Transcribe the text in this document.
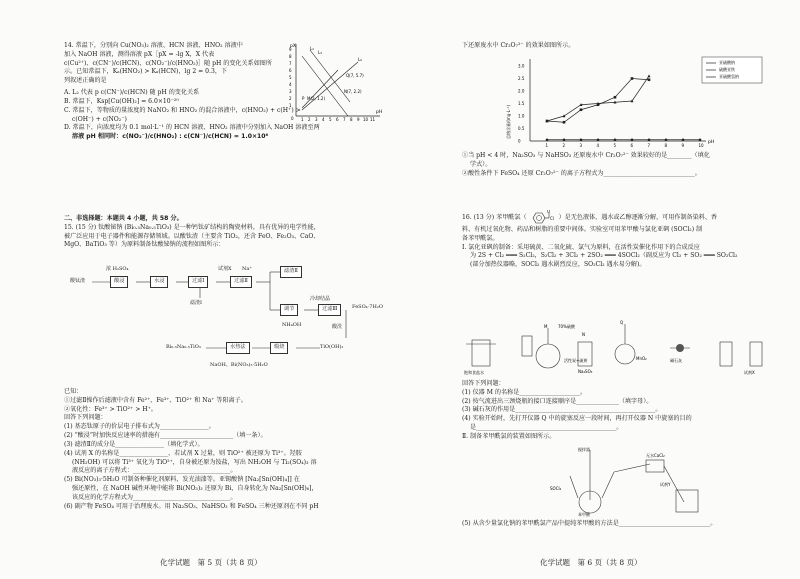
14. 常温下，分别向 Cu(NO₃)₂ 溶液、HCN 溶液、HNO₂ 溶液中
加入 NaOH 溶液，测得溶液 pX［pX = -lg X，X 代表
c(Cu²⁺)、c(CN⁻)/c(HCN)、c(NO₂⁻)/c(HNO₂)］随 pH 的变化关系如图所
示。已知常温下，Kₐ(HNO₂) > Kₐ(HCN)，lg 2 = 0.3，下
列叙述正确的是
A. L₂ 代表 p c(CN⁻)/c(HCN) 随 pH 的变化关系
B. 常温下，Ksp[Cu(OH)₂] = 6.0×10⁻²⁰
C. 常温下，等物质的量浓度的 NaNO₂ 和 HNO₂ 的混合溶液中，c(HNO₂) + c(H⁺) >
c(OH⁻) + c(NO₂⁻)
D. 常温下，向浓度均为 0.1 mol·L⁻¹ 的 HCN 溶液、HNO₂ 溶液中分别加入 NaOH 溶液至两
溶液 pH 相同时：c(NO₂⁻)/c(HNO₂) : c(CN⁻)/c(HCN) = 1.0×10⁶
9
8
7
6
5
4
3
2
1
0 1 2 3 4 5 6 7 8 9 10 11
pX
pH
L₁
L₂
L₃
Q(7, 5.7)
N(7, 2.2)
M(2, 1.2)
P
二、非选择题：本题共 4 小题，共 58 分。
15. (15 分) 钛酸铋钠 (Bi₀.₅Na₀.₅TiO₃) 是一种钙钛矿结构的陶瓷材料，具有优异的电学性能，
被广泛应用于电子器件和能源存储领域。以酸钛渣（主要含 TiO₂，还含 FeO、Fe₂O₃、CaO、
MgO、BaTiO₃ 等）为原料制备钛酸铋钠的流程如图所示：
酸钛渣
浓 H₂SO₄
酸浸	水浸	过滤Ⅰ
滤渣Ⅰ
试剂X Na⁺
过滤Ⅱ
滤渣Ⅱ
调节
冷却结晶
过滤Ⅲ	FeSO₄·7H₂O
NH₄OH	酸洗
TiO(OH)₂
煅烧
水热法
Bi₀.₅Na₀.₅TiO₃
NaOH、Bi(NO₃)₃·5H₂O
已知：
①过滤Ⅱ操作后滤液中含有 Fe²⁺、Fe³⁺、TiO²⁺ 和 Na⁺ 等阳离子。
②氧化性：Fe³⁺ > TiO²⁺ > H⁺。
回答下列问题：
(1) 基态钛原子的价层电子排布式为________________。
(2) “酸浸”时加快反应速率的措施有________________________（填一条）。
(3) 滤渣Ⅱ的成分是________________（填化学式）。
(4) 试剂 X 的名称是________________，若试剂 X 过量，则 TiO²⁺ 被还原为 Ti³⁺。羟胺
(NH₂OH) 可以将 Ti³⁺ 氧化为 TiO²⁺，自身被还原为铵盐，写出 NH₂OH 与 Ti₂(SO₄)₃ 溶
液反应的离子方程式：________________________________。
(5) Bi(NO₃)₃·5H₂O 可制备种催化剂原料，发光油漆等。亚锡酸钠 [Na₂[Sn(OH)₄]] 在
强还原性，在 NaOH 碱性环境中能将 Bi(NO₃)₃ 还原为 Bi，自身转化为 Na₂[Sn(OH)₆]，
该反应的化学方程式为________________________________。
(6) 副产物 FeSO₄ 可用于治理废水。用 Na₂SO₃、NaHSO₃ 和 FeSO₄ 三种还原剂在不同 pH
化学试题　第 5 页（共 8 页）
下还原废水中 Cr₂O₇²⁻ 的效果如图所示。
0
0.5
1.0
1.5
2.0
2.5
3.0
1	2	3	4	5	6	7	8	9	10
pH
总铬含量/(mg·L⁻¹)
亚硫酸钠
硫酸亚铁
亚硫酸氢钠
①当 pH < 4 时，Na₂SO₃ 与 NaHSO₃ 还原废水中 Cr₂O₇²⁻ 效果较好的是________（填化
学式）。
②酸性条件下 FeSO₄ 还原 Cr₂O₇²⁻ 的离子方程式为______________________________。
16. (13 分) 苯甲酰氯（
O
Cl ）是无色液体，遇水或乙醇逐渐分解，可用作制备染料、香
料、有机过氧化物、药品和树脂的重要中间体。实验室可用苯甲酸与氯化亚砜 (SOCl₂) 制
备苯甲酰氯。
Ⅰ. 氯化亚砜的制备：采用硫黄、二氧化硫、氯气为原料，在活性炭催化作用下的合成反应
为 2S + Cl₂ ═══ S₂Cl₂，S₂Cl₂ + 3Cl₂ + 2SO₂ ═══ 4SOCl₂（副反应为 Cl₂ + SO₂ ═══ SO₂Cl₂
(部分加热仪器略，SOCl₂ 遇水剧烈反应，SO₂Cl₂ 遇水易分解)。
M	70%硫酸
Q
MnO₂
N
活性炭+硫黄
Na₂SO₃
饱和食盐水
碱石灰
试剂X
回答下列问题：
(1) 仪器 M 的名称是____________________。
(2) 按气流进出三颈烧瓶的接口连接顺序是______________（填字母）。
(3) 碱石灰的作用是______________________________________________。
(4) 实验开始时，先打开仪器 Q 中的旋塞反应一段时间，再打开仪器 N 中旋塞的目的
是______________________________________________。
Ⅱ. 制备苯甲酰氯的装置如图所示。
搅拌器
无水CaCl₂
SOCl₂
苯甲酸
试剂Y
(5) 从含少量氯化钠的苯甲酰氯产品中提纯苯甲酸的方法是______________________________。
化学试题　第 6 页（共 8 页）
